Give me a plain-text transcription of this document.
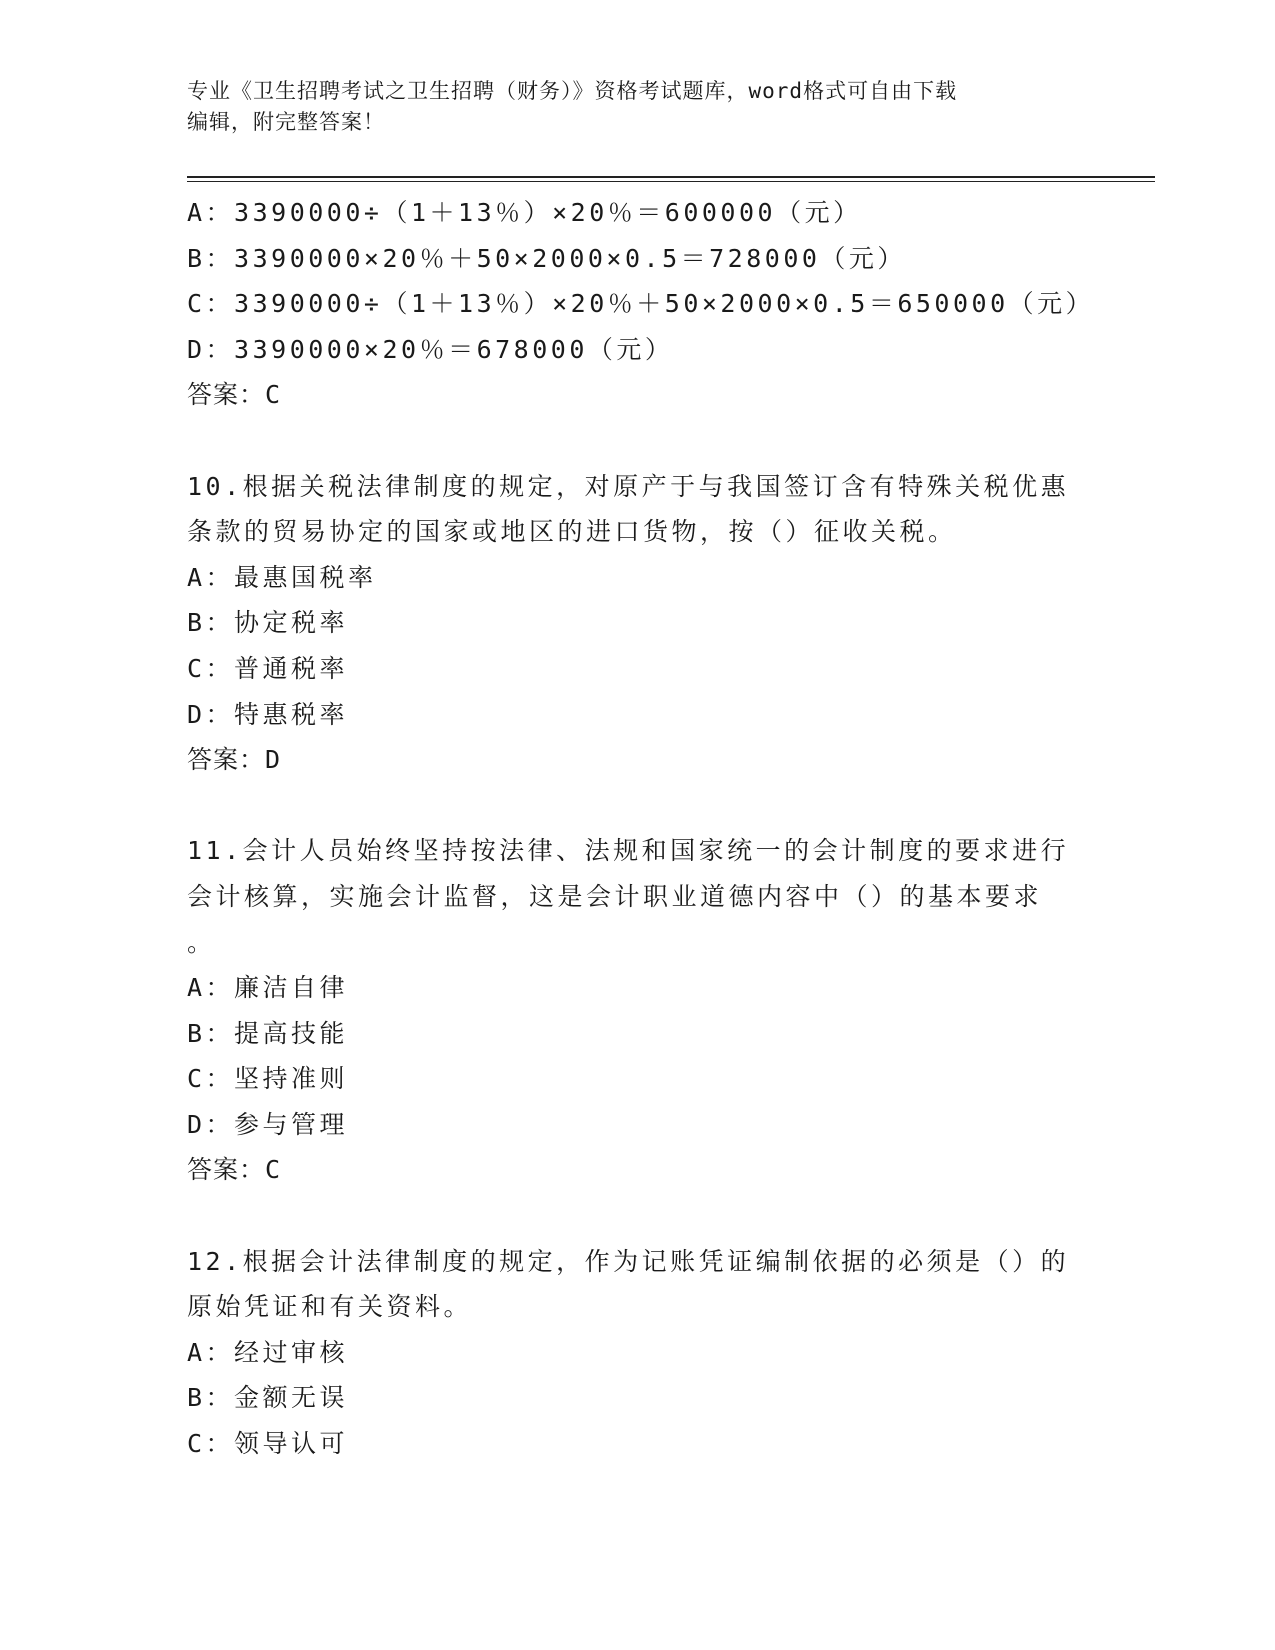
专业《卫生招聘考试之卫生招聘（财务）》资格考试题库，word格式可自由下载
编辑，附完整答案！
A：3390000÷（1＋13％）×20％＝600000（元）
B：3390000×20％＋50×2000×0.5＝728000（元）
C：3390000÷（1＋13％）×20％＋50×2000×0.5＝650000（元）
D：3390000×20％＝678000（元）
答案：C
10.根据关税法律制度的规定，对原产于与我国签订含有特殊关税优惠
条款的贸易协定的国家或地区的进口货物，按（）征收关税。
A：最惠国税率
B：协定税率
C：普通税率
D：特惠税率
答案：D
11.会计人员始终坚持按法律、法规和国家统一的会计制度的要求进行
会计核算，实施会计监督，这是会计职业道德内容中（）的基本要求
。
A：廉洁自律
B：提高技能
C：坚持准则
D：参与管理
答案：C
12.根据会计法律制度的规定，作为记账凭证编制依据的必须是（）的
原始凭证和有关资料。
A：经过审核
B：金额无误
C：领导认可
